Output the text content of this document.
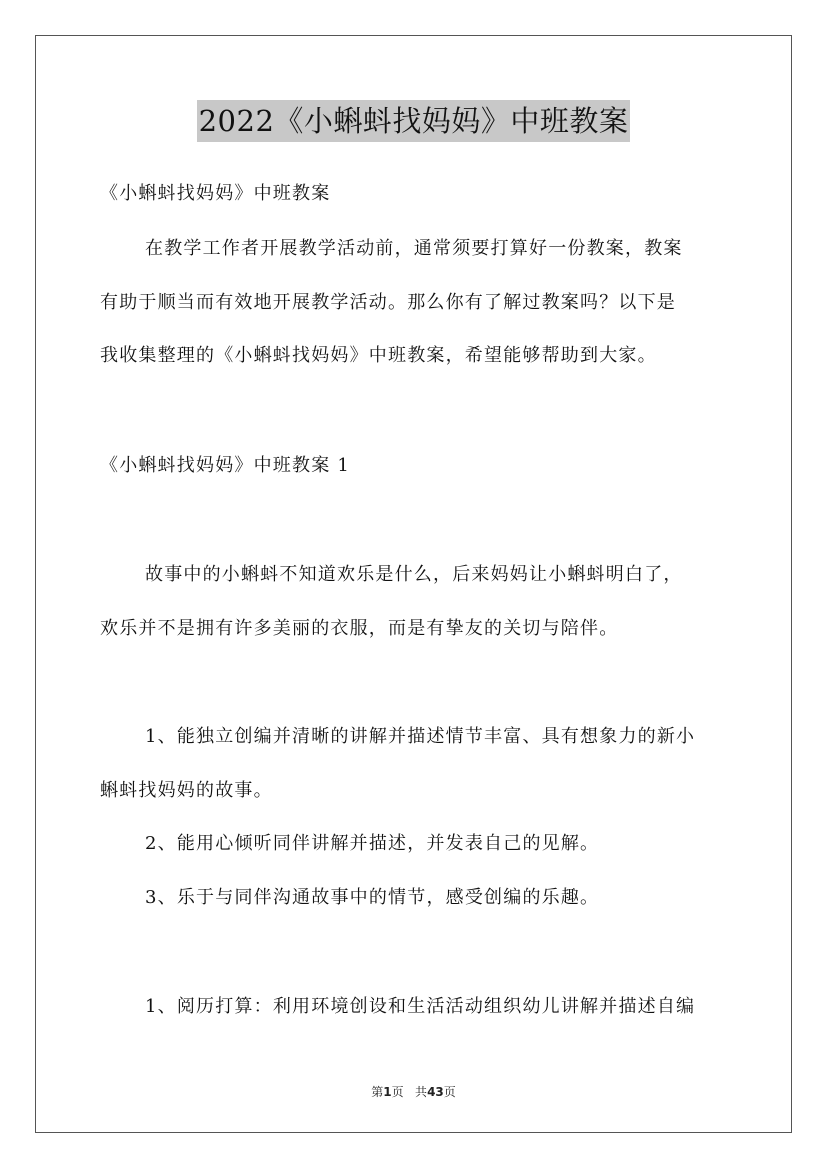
2022《小蝌蚪找妈妈》中班教案
《小蝌蚪找妈妈》中班教案
在教学工作者开展教学活动前，通常须要打算好一份教案，教案
有助于顺当而有效地开展教学活动。那么你有了解过教案吗？以下是
我收集整理的《小蝌蚪找妈妈》中班教案，希望能够帮助到大家。
《小蝌蚪找妈妈》中班教案 1
故事中的小蝌蚪不知道欢乐是什么，后来妈妈让小蝌蚪明白了，
欢乐并不是拥有许多美丽的衣服，而是有挚友的关切与陪伴。
1、能独立创编并清晰的讲解并描述情节丰富、具有想象力的新小
蝌蚪找妈妈的故事。
2、能用心倾听同伴讲解并描述，并发表自己的见解。
3、乐于与同伴沟通故事中的情节，感受创编的乐趣。
1、阅历打算：利用环境创设和生活活动组织幼儿讲解并描述自编
第1页 共43页
